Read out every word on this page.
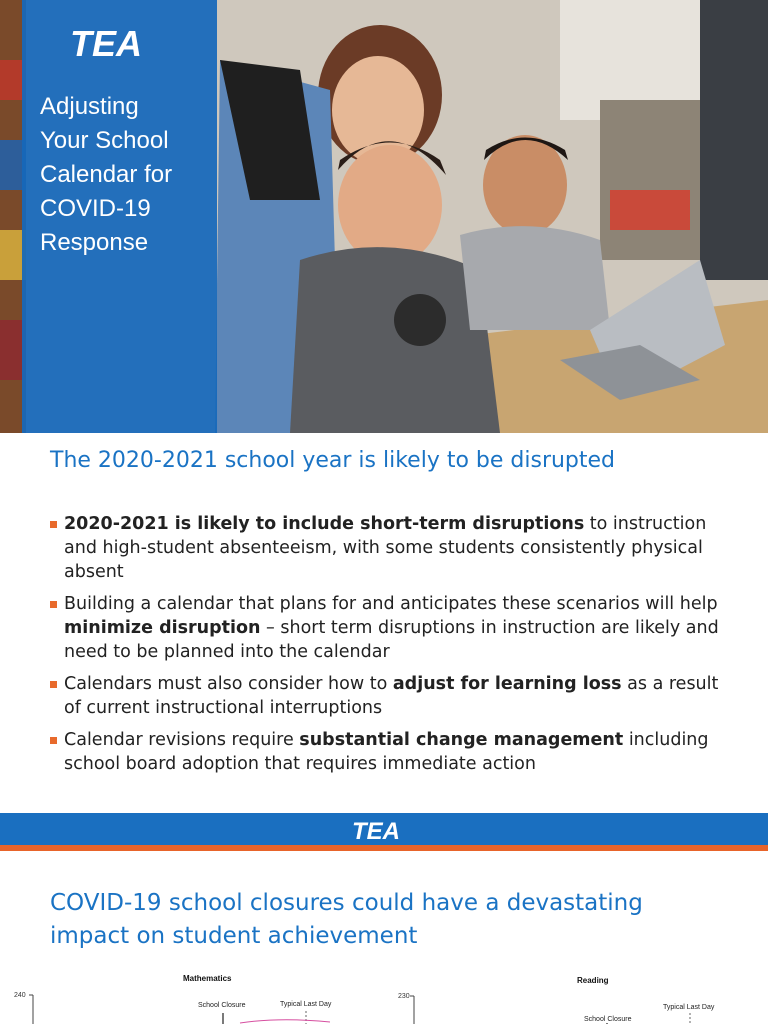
TEA
Adjusting
Your School
Calendar for
COVID-19
Response
The 2020-2021 school year is likely to be disrupted
2020-2021 is likely to include short-term disruptions to instruction and high-student absenteeism, with some students consistently physical absent
Building a calendar that plans for and anticipates these scenarios will help minimize disruption – short term disruptions in instruction are likely and need to be planned into the calendar
Calendars must also consider how to adjust for learning loss as a result of current instructional interruptions
Calendar revisions require substantial change management including school board adoption that requires immediate action
TEA
COVID-19 school closures could have a devastating
impact on student achievement
Mathematics
240
School Closure	Typical Last Day
230
Reading
School Closure
Typical Last Day
